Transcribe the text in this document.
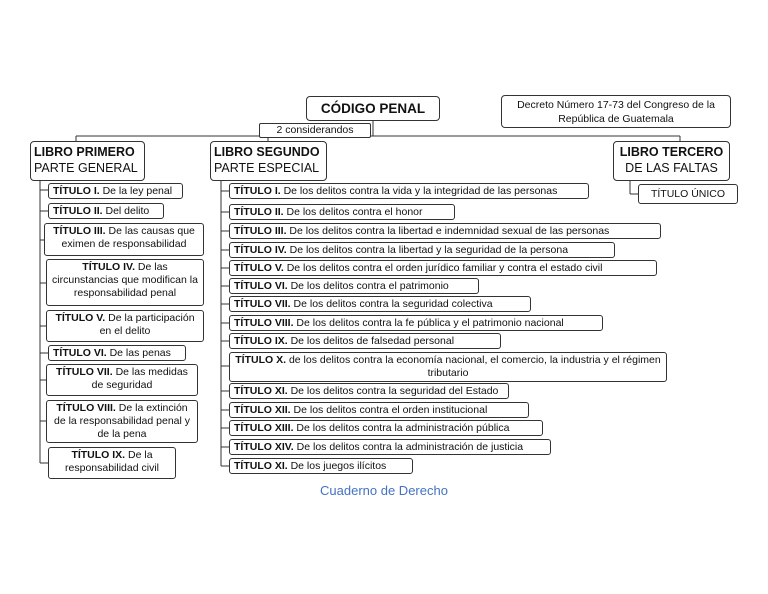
CÓDIGO PENAL	Decreto Número 17-73 del Congreso de la República de Guatemala
2 considerandos
LIBRO PRIMERO
PARTE GENERAL
LIBRO SEGUNDO
PARTE ESPECIAL
LIBRO TERCERO
DE LAS FALTAS
TÍTULO I. De la ley penal
TÍTULO II. Del delito
TÍTULO III. De las causas que eximen de responsabilidad
TÍTULO IV. De las circunstancias que modifican la responsabilidad penal
TÍTULO V. De la participación en el delito
TÍTULO VI. De las penas
TÍTULO VII. De las medidas de seguridad
TÍTULO VIII. De la extinción de la responsabilidad penal y de la pena
TÍTULO IX. De la responsabilidad civil
TÍTULO I. De los delitos contra la vida y la integridad de las personas
TÍTULO II. De los delitos contra el honor
TÍTULO III. De los delitos contra la libertad e indemnidad sexual de las personas
TÍTULO IV. De los delitos contra la libertad y la seguridad de la persona
TÍTULO V. De los delitos contra el orden jurídico familiar y contra el estado civil
TÍTULO VI. De los delitos contra el patrimonio
TÍTULO VII. De los delitos contra la seguridad colectiva
TÍTULO VIII. De los delitos contra la fe pública y el patrimonio nacional
TÍTULO IX. De los delitos de falsedad personal
TÍTULO X. de los delitos contra la economía nacional, el comercio, la industria y el régimen tributario
TÍTULO XI. De los delitos contra la seguridad del Estado
TÍTULO XII. De los delitos contra el orden institucional
TÍTULO XIII. De los delitos contra la administración pública
TÍTULO XIV. De los delitos contra la administración de justicia
TÍTULO XI. De los juegos ilícitos
TÍTULO ÚNICO
Cuaderno de Derecho
